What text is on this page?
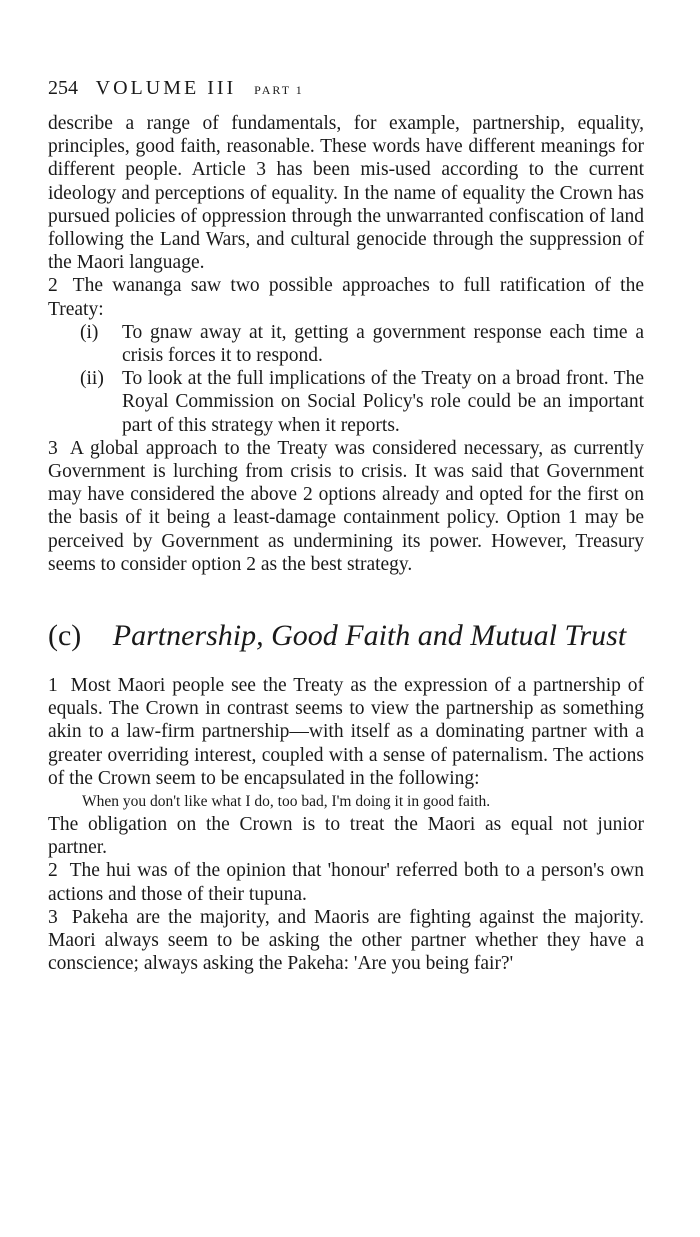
254 VOLUME III PART 1

describe a range of fundamentals, for example, partnership, equality, principles, good faith, reasonable. These words have different meanings for different people. Article 3 has been mis-used according to the current ideology and perceptions of equality. In the name of equality the Crown has pursued policies of oppression through the unwarranted confiscation of land following the Land Wars, and cultural genocide through the suppression of the Maori language.

2 The wananga saw two possible approaches to full ratification of the Treaty:

(i)	To gnaw away at it, getting a government response each time a crisis forces it to respond.
(ii) To look at the full implications of the Treaty on a broad front. The Royal Commission on Social Policy's role could be an important part of this strategy when it reports.

3 A global approach to the Treaty was considered necessary, as currently Government is lurching from crisis to crisis. It was said that Government may have considered the above 2 options already and opted for the first on the basis of it being a least-damage containment policy. Option 1 may be perceived by Government as undermining its power. However, Treasury seems to consider option 2 as the best strategy.

(c) Partnership, Good Faith and Mutual Trust

1 Most Maori people see the Treaty as the expression of a partnership of equals. The Crown in contrast seems to view the partnership as something akin to a law-firm partnership—with itself as a dominating partner with a greater overriding interest, coupled with a sense of paternalism. The actions of the Crown seem to be encapsulated in the following:

When you don't like what I do, too bad, I'm doing it in good faith.

The obligation on the Crown is to treat the Maori as equal not junior partner.

2 The hui was of the opinion that 'honour' referred both to a person's own actions and those of their tupuna.

3 Pakeha are the majority, and Maoris are fighting against the majority. Maori always seem to be asking the other partner whether they have a conscience; always asking the Pakeha: 'Are you being fair?'
